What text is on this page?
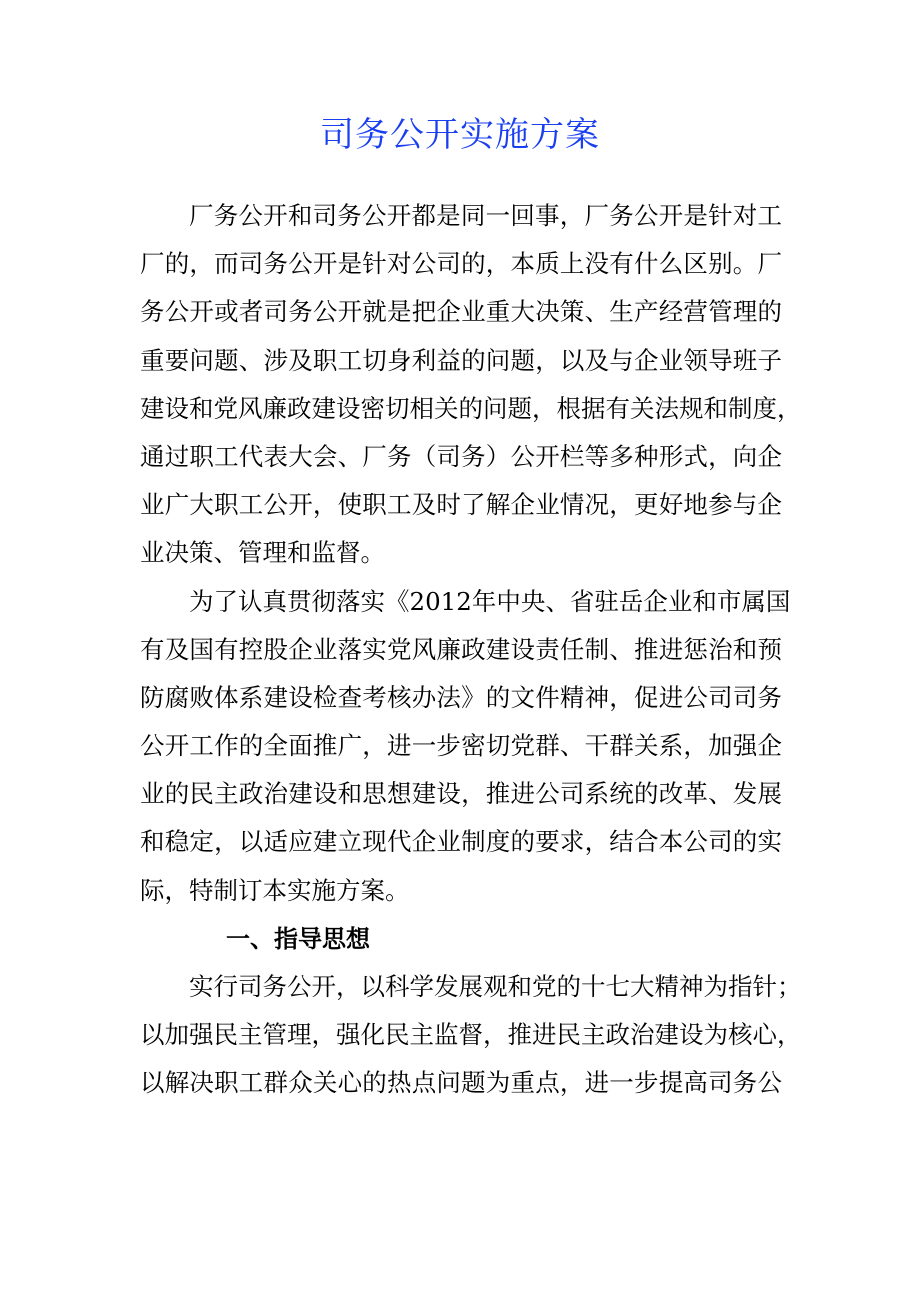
司务公开实施方案
厂务公开和司务公开都是同一回事，厂务公开是针对工
厂的，而司务公开是针对公司的，本质上没有什么区别。厂
务公开或者司务公开就是把企业重大决策、生产经营管理的
重要问题、涉及职工切身利益的问题，以及与企业领导班子
建设和党风廉政建设密切相关的问题，根据有关法规和制度，
通过职工代表大会、厂务（司务）公开栏等多种形式，向企
业广大职工公开，使职工及时了解企业情况，更好地参与企
业决策、管理和监督。
为了认真贯彻落实《2012年中央、省驻岳企业和市属国
有及国有控股企业落实党风廉政建设责任制、推进惩治和预
防腐败体系建设检查考核办法》的文件精神，促进公司司务
公开工作的全面推广，进一步密切党群、干群关系，加强企
业的民主政治建设和思想建设，推进公司系统的改革、发展
和稳定，以适应建立现代企业制度的要求，结合本公司的实
际，特制订本实施方案。
一、指导思想
实行司务公开，以科学发展观和党的十七大精神为指针；
以加强民主管理，强化民主监督，推进民主政治建设为核心，
以解决职工群众关心的热点问题为重点，进一步提高司务公
